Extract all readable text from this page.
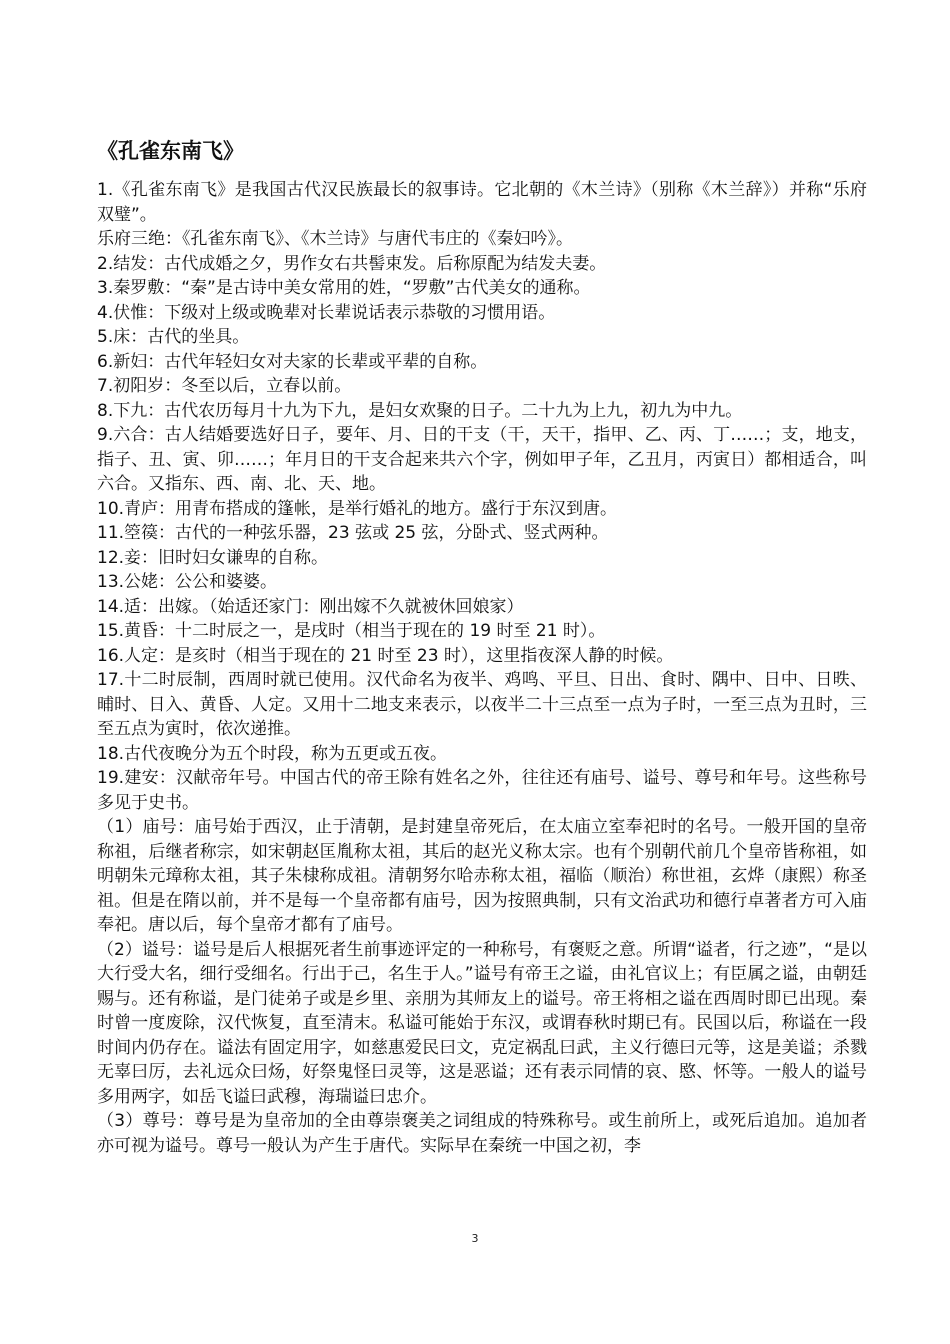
《孔雀东南飞》

1.《孔雀东南飞》是我国古代汉民族最长的叙事诗。它北朝的《木兰诗》（别称《木兰辞》）并称“乐府双璧”。

乐府三绝：《孔雀东南飞》、《木兰诗》与唐代韦庄的《秦妇吟》。

2.结发：古代成婚之夕，男作女右共髻束发。后称原配为结发夫妻。

3.秦罗敷：“秦”是古诗中美女常用的姓，“罗敷”古代美女的通称。

4.伏惟：下级对上级或晚辈对长辈说话表示恭敬的习惯用语。

5.床：古代的坐具。

6.新妇：古代年轻妇女对夫家的长辈或平辈的自称。

7.初阳岁：冬至以后，立春以前。

8.下九：古代农历每月十九为下九，是妇女欢聚的日子。二十九为上九，初九为中九。

9.六合：古人结婚要选好日子，要年、月、日的干支（干，天干，指甲、乙、丙、丁……；支，地支，指子、丑、寅、卯……；年月日的干支合起来共六个字，例如甲子年，乙丑月，丙寅日）都相适合，叫六合。又指东、西、南、北、天、地。

10.青庐：用青布搭成的篷帐，是举行婚礼的地方。盛行于东汉到唐。

11.箜篌：古代的一种弦乐器，23 弦或 25 弦，分卧式、竖式两种。

12.妾：旧时妇女谦卑的自称。

13.公姥：公公和婆婆。

14.适：出嫁。（始适还家门：刚出嫁不久就被休回娘家）

15.黄昏：十二时辰之一，是戌时（相当于现在的 19 时至 21 时）。

16.人定：是亥时（相当于现在的 21 时至 23 时），这里指夜深人静的时候。

17.十二时辰制，西周时就已使用。汉代命名为夜半、鸡鸣、平旦、日出、食时、隅中、日中、日昳、晡时、日入、黄昏、人定。又用十二地支来表示，以夜半二十三点至一点为子时，一至三点为丑时，三至五点为寅时，依次递推。

18.古代夜晚分为五个时段，称为五更或五夜。

19.建安：汉献帝年号。中国古代的帝王除有姓名之外，往往还有庙号、谥号、尊号和年号。这些称号多见于史书。

（1）庙号：庙号始于西汉，止于清朝，是封建皇帝死后，在太庙立室奉祀时的名号。一般开国的皇帝称祖，后继者称宗，如宋朝赵匡胤称太祖，其后的赵光义称太宗。也有个别朝代前几个皇帝皆称祖，如明朝朱元璋称太祖，其子朱棣称成祖。清朝努尔哈赤称太祖，福临（顺治）称世祖，玄烨（康熙）称圣祖。但是在隋以前，并不是每一个皇帝都有庙号，因为按照典制，只有文治武功和德行卓著者方可入庙奉祀。唐以后，每个皇帝才都有了庙号。

（2）谥号：谥号是后人根据死者生前事迹评定的一种称号，有褒贬之意。所谓“谥者，行之迹”，“是以大行受大名，细行受细名。行出于己，名生于人。”谥号有帝王之谥，由礼官议上；有臣属之谥，由朝廷赐与。还有称谥，是门徒弟子或是乡里、亲朋为其师友上的谥号。帝王将相之谥在西周时即已出现。秦时曾一度废除，汉代恢复，直至清末。私谥可能始于东汉，或谓春秋时期已有。民国以后，称谥在一段时间内仍存在。谥法有固定用字，如慈惠爱民曰文，克定祸乱曰武，主义行德曰元等，这是美谥；杀戮无辜曰厉，去礼远众曰炀，好祭鬼怪曰灵等，这是恶谥；还有表示同情的哀、愍、怀等。一般人的谥号多用两字，如岳飞谥曰武穆，海瑞谥曰忠介。

（3）尊号：尊号是为皇帝加的全由尊崇褒美之词组成的特殊称号。或生前所上，或死后追加。追加者亦可视为谥号。尊号一般认为产生于唐代。实际早在秦统一中国之初，李

3
